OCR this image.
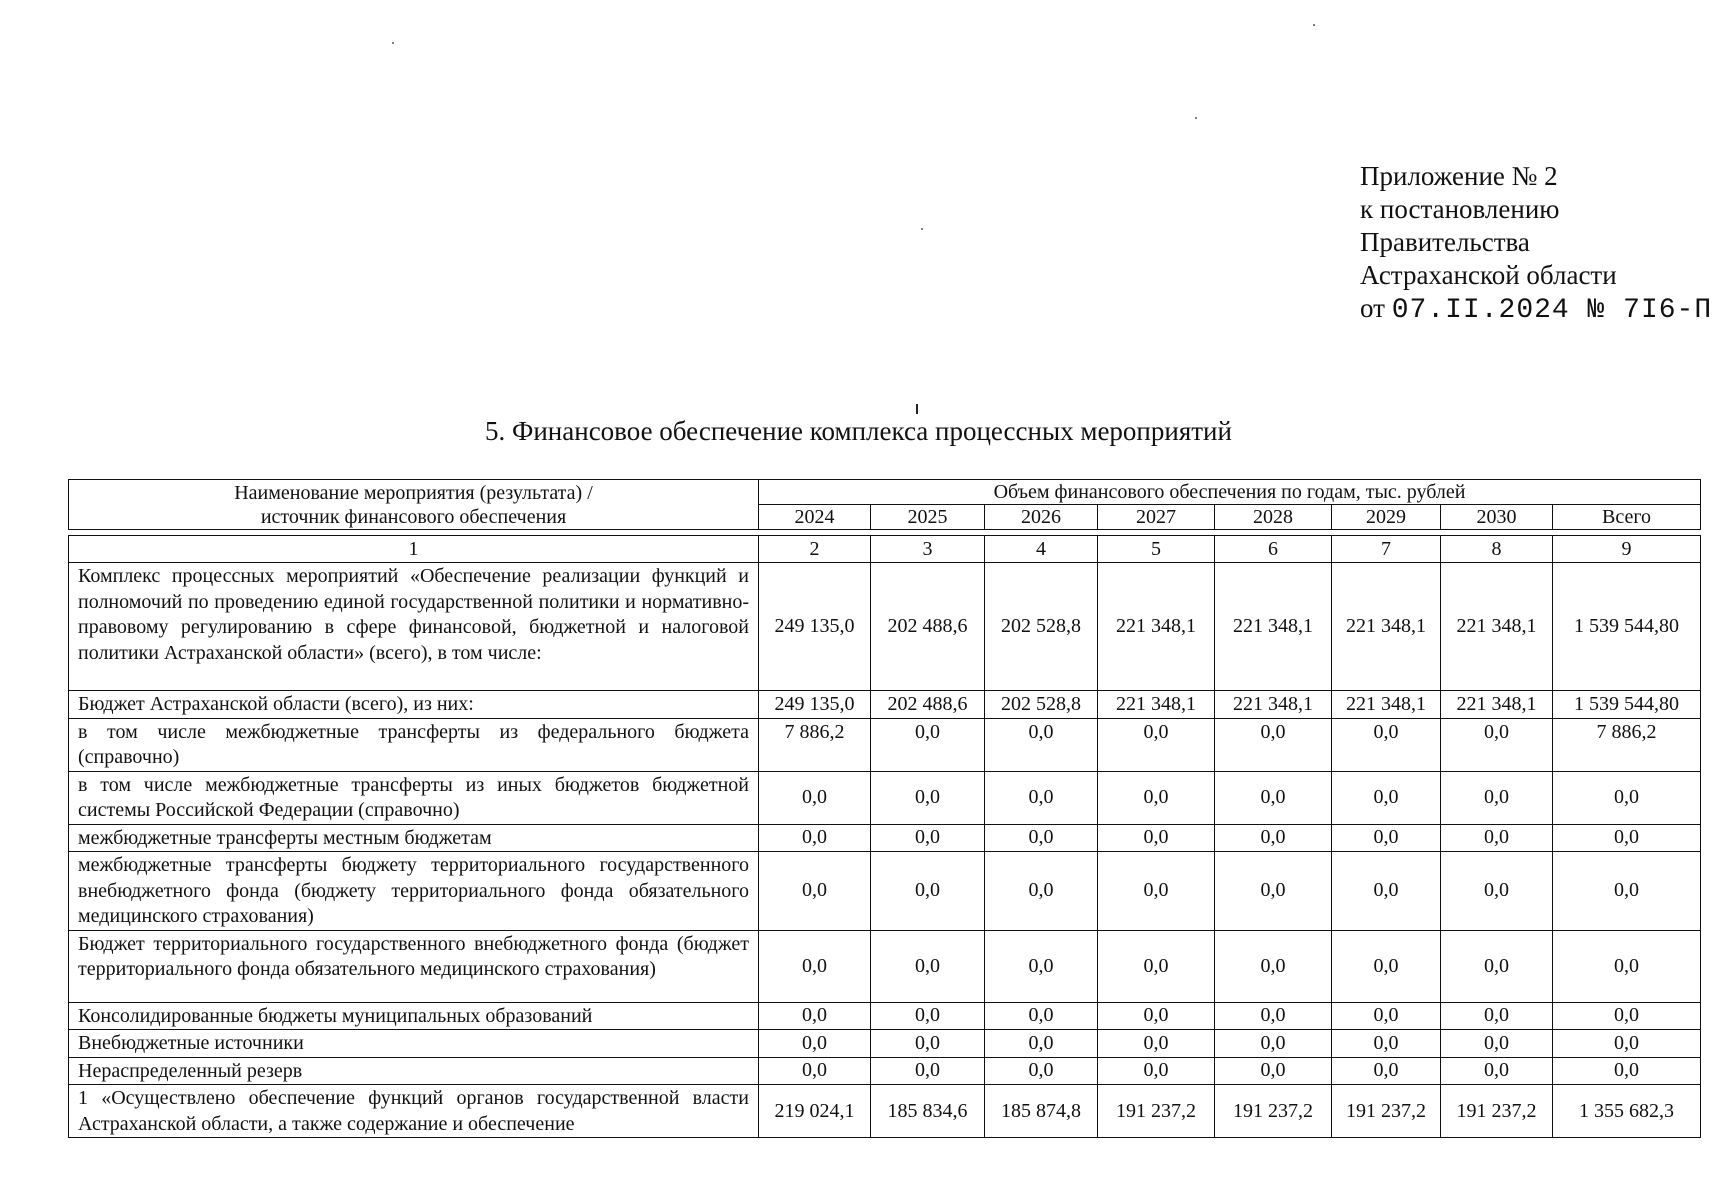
Приложение № 2
к постановлению
Правительства
Астраханской области
от 07.II.2024 № 7I6-П
5. Финансовое обеспечение комплекса процессных мероприятий
Наименование мероприятия (результата) /
источник финансового обеспечения	Объем финансового обеспечения по годам, тыс. рублей							
	2024	2025	2026	2027	2028	2029	2030	Всего
1	2	3	4	5	6	7	8	9
Комплекс процессных мероприятий «Обеспечение реализации функций и полномочий по проведению единой государственной политики и нормативно-правовому регулированию в сфере финансовой, бюджетной и налоговой политики Астраханской области» (всего), в том числе:	249 135,0	202 488,6	202 528,8	221 348,1	221 348,1	221 348,1	221 348,1	1 539 544,80
Бюджет Астраханской области (всего), из них:	249 135,0	202 488,6	202 528,8	221 348,1	221 348,1	221 348,1	221 348,1	1 539 544,80
в том числе межбюджетные трансферты из федерального бюджета (справочно)	7 886,2	0,0	0,0	0,0	0,0	0,0	0,0	7 886,2
в том числе межбюджетные трансферты из иных бюджетов бюджетной системы Российской Федерации (справочно)	0,0	0,0	0,0	0,0	0,0	0,0	0,0	0,0
межбюджетные трансферты местным бюджетам	0,0	0,0	0,0	0,0	0,0	0,0	0,0	0,0
межбюджетные трансферты бюджету территориального государственного внебюджетного фонда (бюджету территориального фонда обязательного медицинского страхования)	0,0	0,0	0,0	0,0	0,0	0,0	0,0	0,0
Бюджет территориального государственного внебюджетного фонда (бюджет территориального фонда обязательного медицинского страхования)	0,0	0,0	0,0	0,0	0,0	0,0	0,0	0,0
Консолидированные бюджеты муниципальных образований	0,0	0,0	0,0	0,0	0,0	0,0	0,0	0,0
Внебюджетные источники	0,0	0,0	0,0	0,0	0,0	0,0	0,0	0,0
Нераспределенный резерв	0,0	0,0	0,0	0,0	0,0	0,0	0,0	0,0
1 «Осуществлено обеспечение функций органов государственной власти Астраханской области, а также содержание и обеспечение	219 024,1	185 834,6	185 874,8	191 237,2	191 237,2	191 237,2	191 237,2	1 355 682,3
